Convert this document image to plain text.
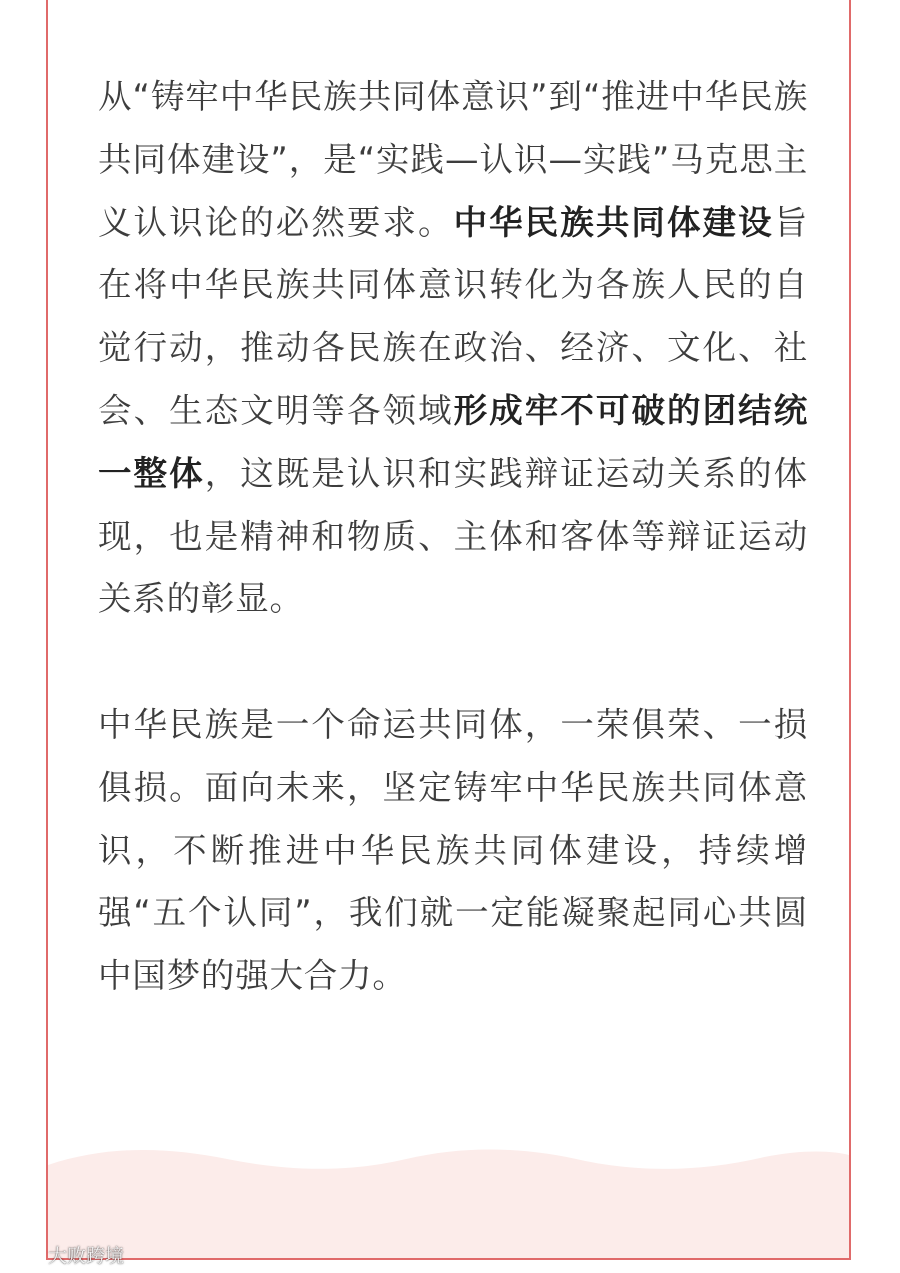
从“铸牢中华民族共同体意识”到“推进中华民族共同体建设”，是“实践—认识—实践”马克思主义认识论的必然要求。中华民族共同体建设旨在将中华民族共同体意识转化为各族人民的自觉行动，推动各民族在政治、经济、文化、社会、生态文明等各领域形成牢不可破的团结统一整体，这既是认识和实践辩证运动关系的体现，也是精神和物质、主体和客体等辩证运动关系的彰显。

中华民族是一个命运共同体，一荣俱荣、一损俱损。面向未来，坚定铸牢中华民族共同体意识，不断推进中华民族共同体建设，持续增强“五个认同”，我们就一定能凝聚起同心共圆中国梦的强大合力。

大败跨境
